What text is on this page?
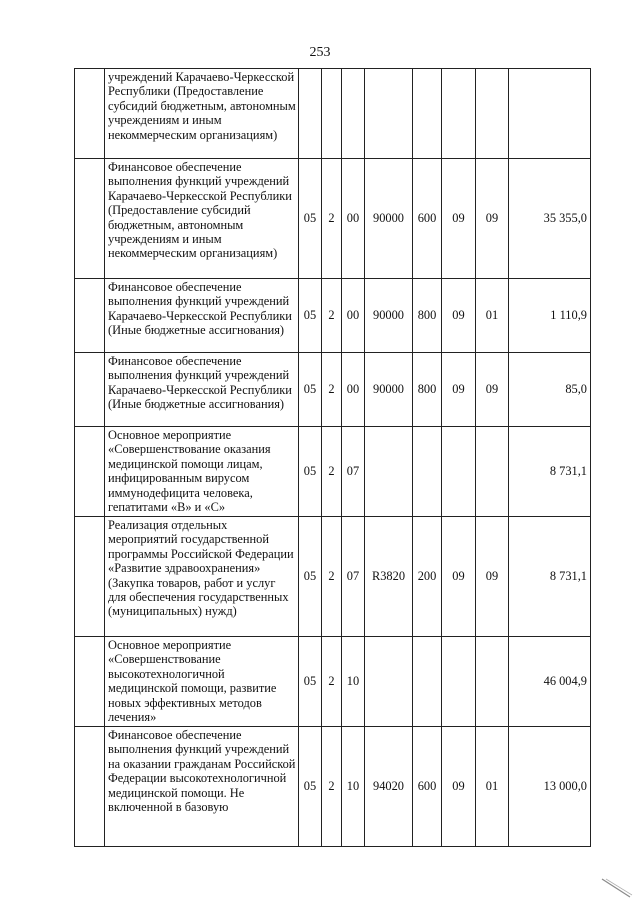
253
	учреждений Карачаево-Черкесской Республики (Предоставление субсидий бюджетным, автономным учреждениям и иным некоммерческим организациям)								
	Финансовое обеспечение выполнения функций учреждений Карачаево-Черкесской Республики (Предоставление субсидий бюджетным, автономным учреждениям и иным некоммерческим организациям)	05	2	00	90000	600	09	09	35 355,0
	Финансовое обеспечение выполнения функций учреждений Карачаево-Черкесской Республики (Иные бюджетные ассигнования)	05	2	00	90000	800	09	01	1 110,9
	Финансовое обеспечение выполнения функций учреждений Карачаево-Черкесской Республики (Иные бюджетные ассигнования)	05	2	00	90000	800	09	09	85,0
	Основное мероприятие «Совершенствование оказания медицинской помощи лицам, инфицированным вирусом иммунодефицита человека, гепатитами «В» и «С»	05	2	07					8 731,1
	Реализация отдельных мероприятий государственной программы Российской Федерации «Развитие здравоохранения» (Закупка товаров, работ и услуг для обеспечения государственных (муниципальных) нужд)	05	2	07	R3820	200	09	09	8 731,1
	Основное мероприятие «Совершенствование высокотехнологичной медицинской помощи, развитие новых эффективных методов лечения»	05	2	10					46 004,9
	Финансовое обеспечение выполнения функций учреждений на оказании гражданам Российской Федерации высокотехнологичной медицинской помощи. Не включенной в базовую	05	2	10	94020	600	09	01	13 000,0
